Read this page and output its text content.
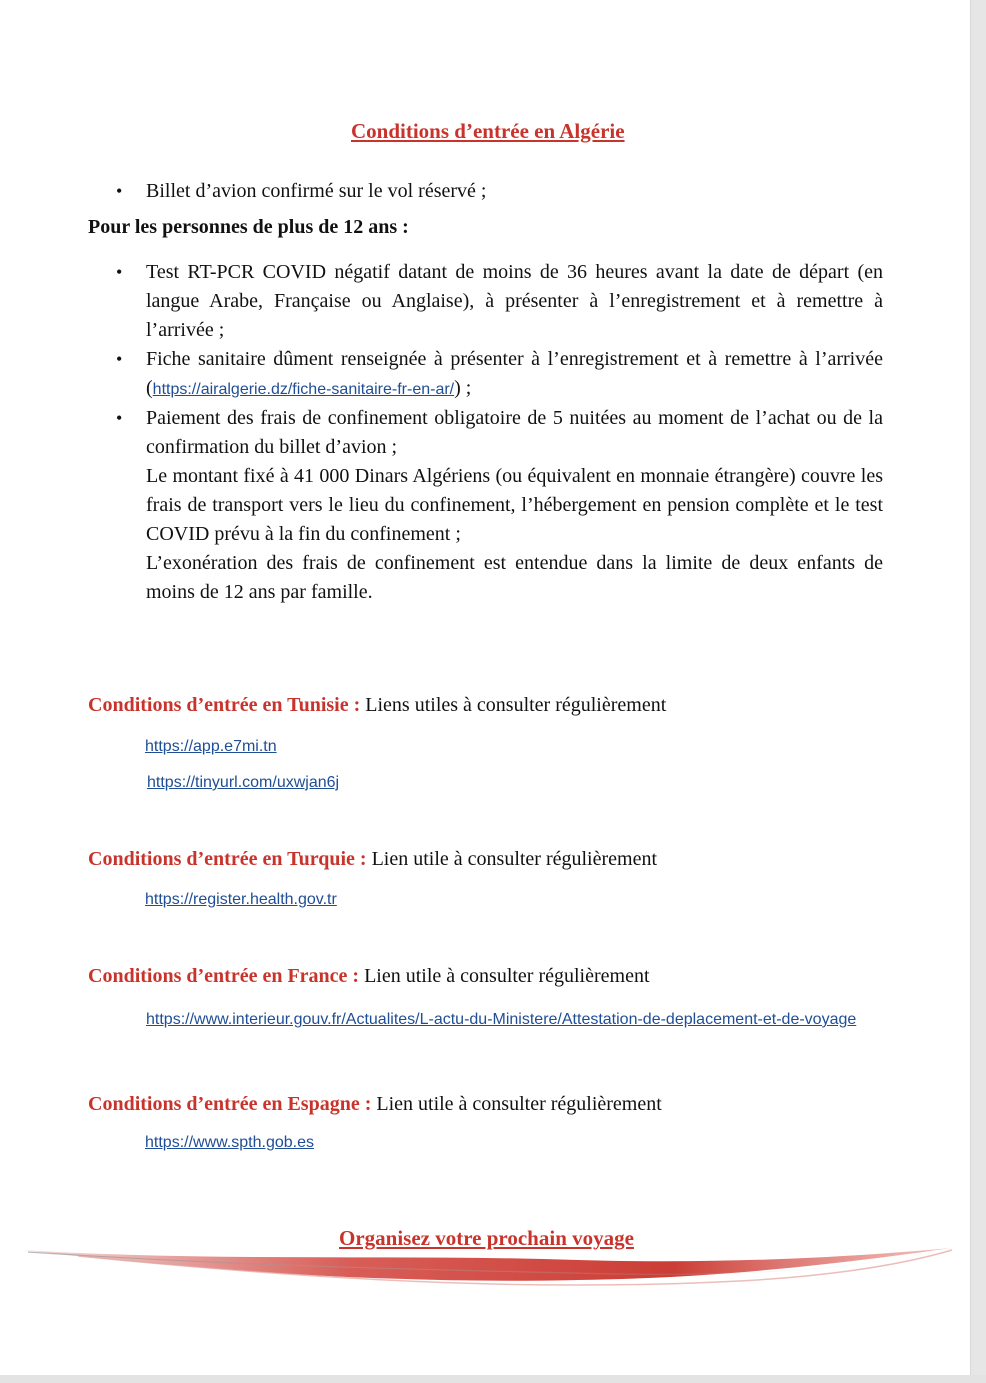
Conditions d’entrée en Algérie
• Billet d’avion confirmé sur le vol réservé ;
Pour les personnes de plus de 12 ans :
• Test RT-PCR COVID négatif datant de moins de 36 heures avant la date de départ (en langue Arabe, Française ou Anglaise), à présenter à l’enregistrement et à remettre à l’arrivée ;
• Fiche sanitaire dûment renseignée à présenter à l’enregistrement et à remettre à l’arrivée (https://airalgerie.dz/fiche-sanitaire-fr-en-ar/) ;
• Paiement des frais de confinement obligatoire de 5 nuitées au moment de l’achat ou de la confirmation du billet d’avion ;
Le montant fixé à 41 000 Dinars Algériens (ou équivalent en monnaie étrangère) couvre les frais de transport vers le lieu du confinement, l’hébergement en pension complète et le test COVID prévu à la fin du confinement ;
L’exonération des frais de confinement est entendue dans la limite de deux enfants de moins de 12 ans par famille.
Conditions d’entrée en Tunisie : Liens utiles à consulter régulièrement
https://app.e7mi.tn
https://tinyurl.com/uxwjan6j
Conditions d’entrée en Turquie : Lien utile à consulter régulièrement
https://register.health.gov.tr
Conditions d’entrée en France : Lien utile à consulter régulièrement
https://www.interieur.gouv.fr/Actualites/L-actu-du-Ministere/Attestation-de-deplacement-et-de-voyage
Conditions d’entrée en Espagne : Lien utile à consulter régulièrement
https://www.spth.gob.es
Organisez votre prochain voyage
